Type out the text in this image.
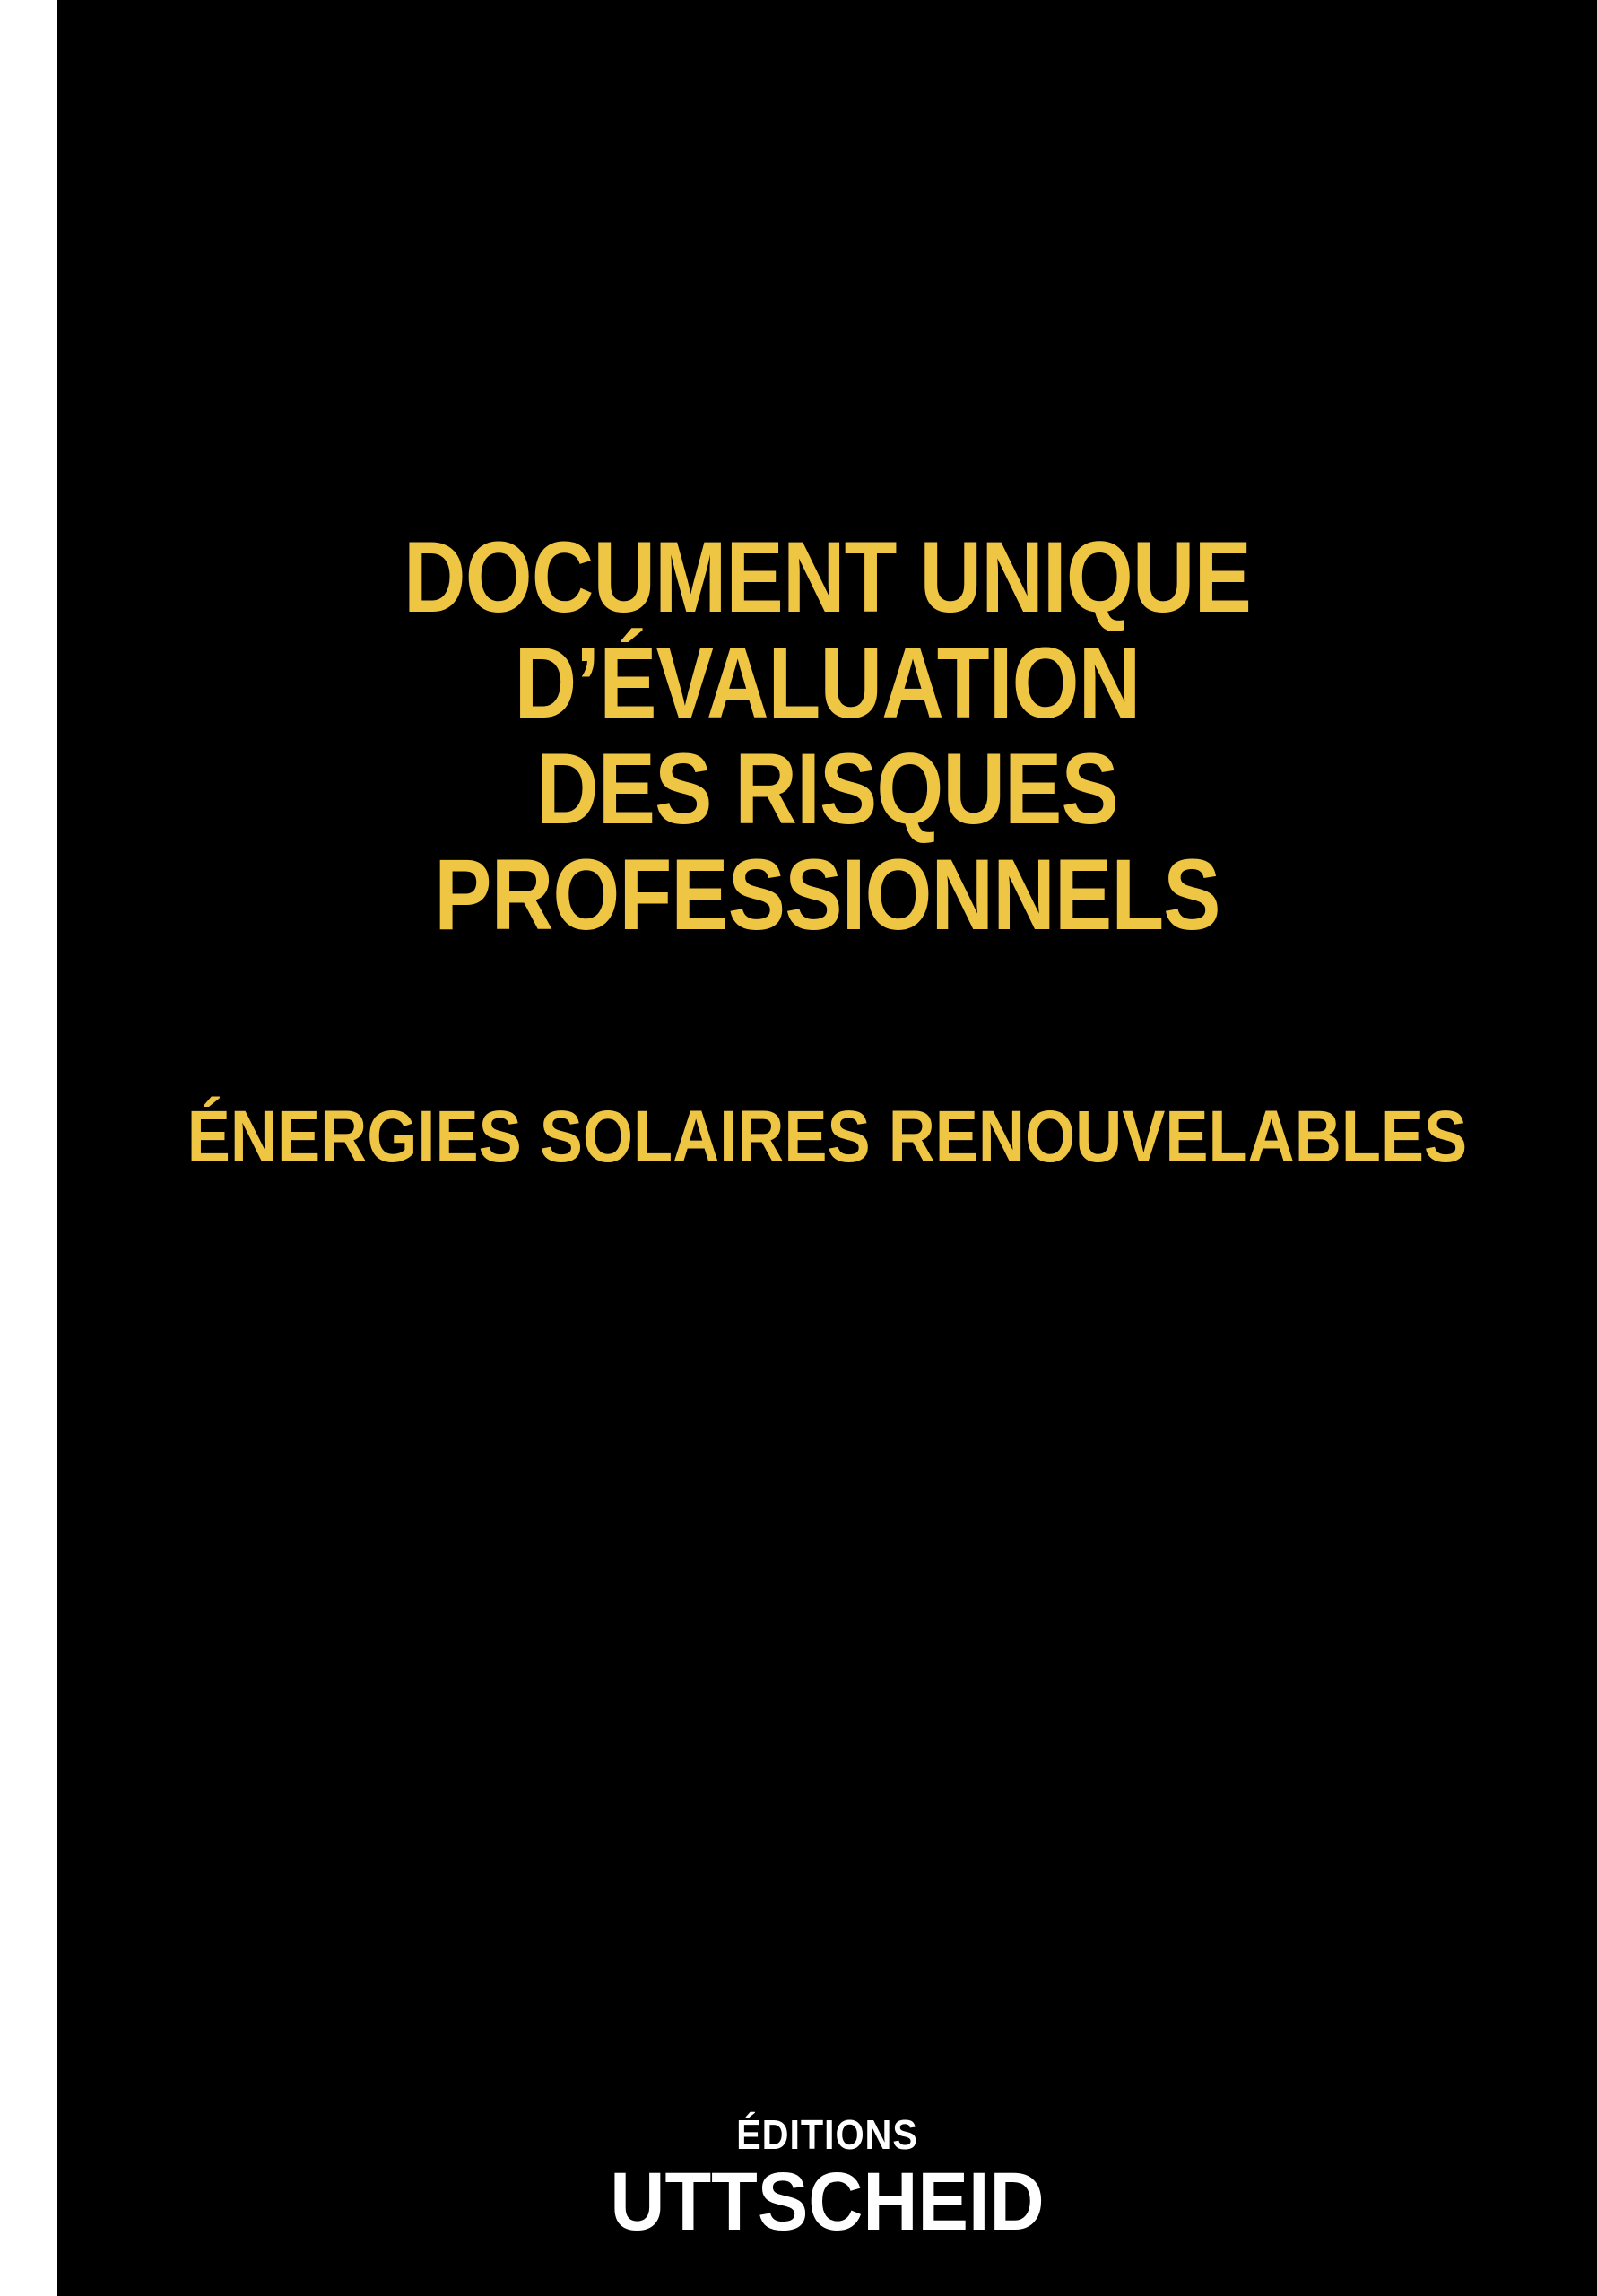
DOCUMENT UNIQUE
D’ÉVALUATION
DES RISQUES
PROFESSIONNELS
ÉNERGIES SOLAIRES RENOUVELABLES
ÉDITIONS
UTTSCHEID
